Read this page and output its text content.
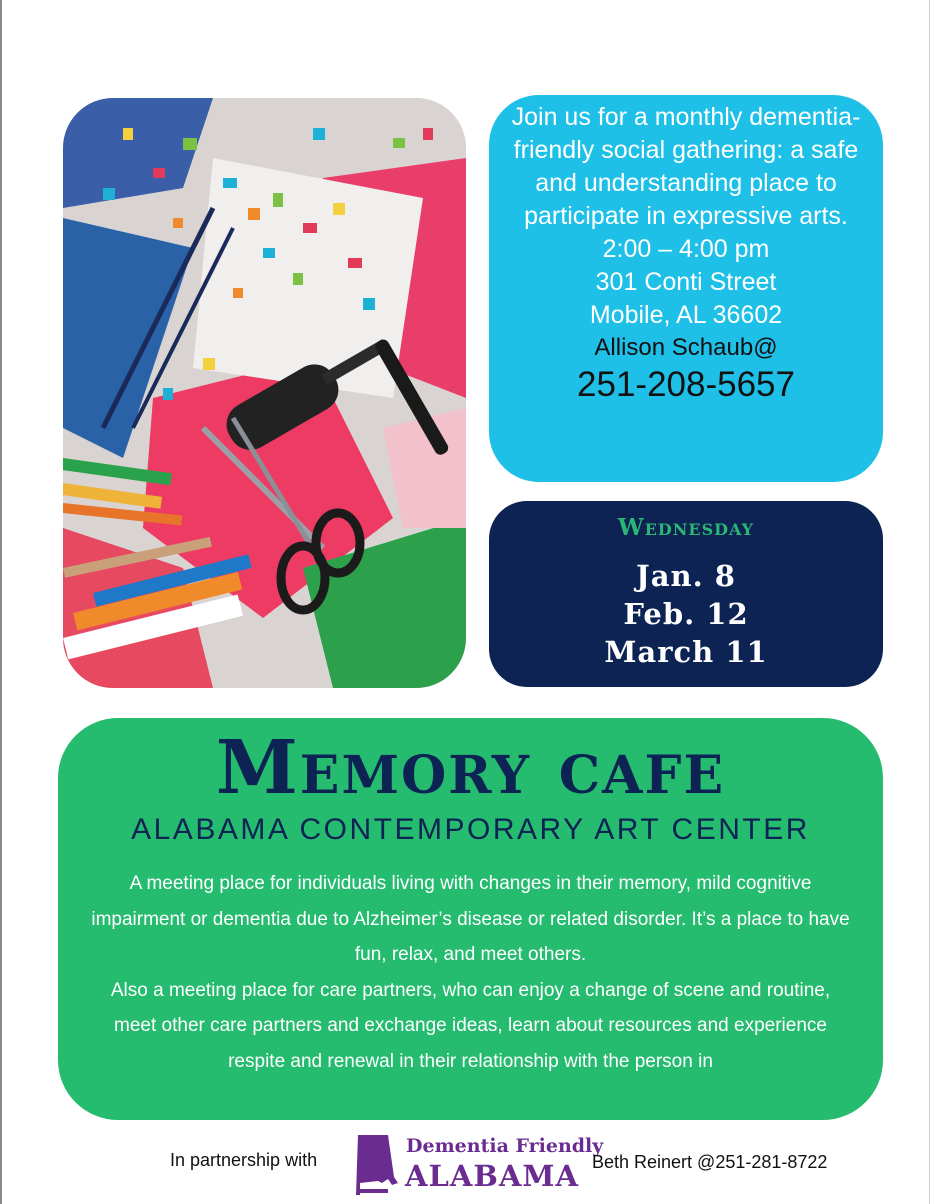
Join us for a monthly dementia-friendly social gathering: a safe and understanding place to participate in expressive arts.
2:00 – 4:00 pm
301 Conti Street
Mobile, AL 36602
Allison Schaub@
251-208-5657
Wednesday
Jan. 8
Feb. 12
March 11
Memory cafe
ALABAMA CONTEMPORARY ART CENTER
A meeting place for individuals living with changes in their memory, mild cognitive impairment or dementia due to Alzheimer’s disease or related disorder. It’s a place to have fun, relax, and meet others.
Also a meeting place for care partners, who can enjoy a change of scene and routine, meet other care partners and exchange ideas, learn about resources and experience respite and renewal in their relationship with the person in
In partnership with
Dementia Friendly
ALABAMA Beth Reinert @251-281-8722
